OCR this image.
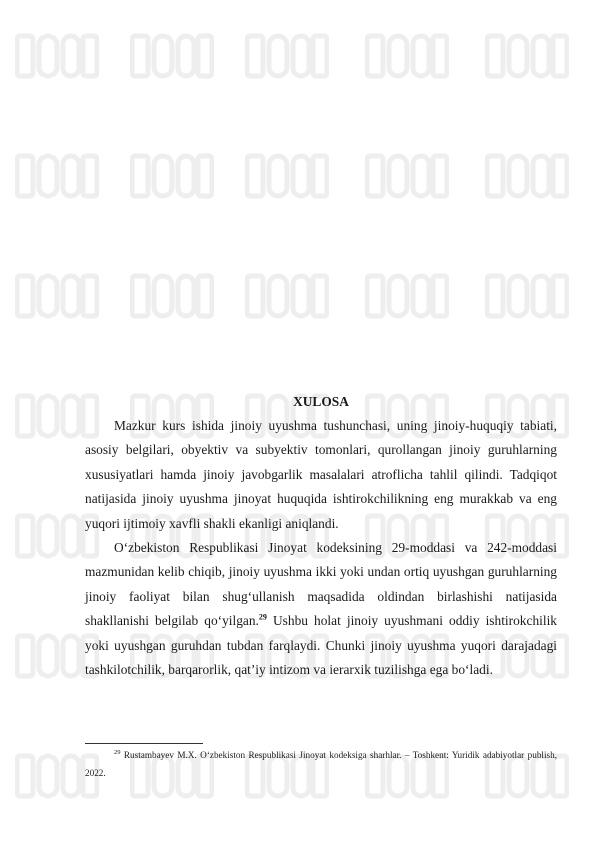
XULOSA

Mazkur kurs ishida jinoiy uyushma tushunchasi, uning jinoiy-huquqiy tabiati, asosiy belgilari, obyektiv va subyektiv tomonlari, qurollangan jinoiy guruhlarning xususiyatlari hamda jinoiy javobgarlik masalalari atroflicha tahlil qilindi. Tadqiqot natijasida jinoiy uyushma jinoyat huquqida ishtirokchilikning eng murakkab va eng yuqori ijtimoiy xavfli shakli ekanligi aniqlandi.

O‘zbekiston Respublikasi Jinoyat kodeksining 29-moddasi va 242-moddasi mazmunidan kelib chiqib, jinoiy uyushma ikki yoki undan ortiq uyushgan guruhlarning jinoiy faoliyat bilan shug‘ullanish maqsadida oldindan birlashishi natijasida shakllanishi belgilab qo‘yilgan.$^{29}$ Ushbu holat jinoiy uyushmani oddiy ishtirokchilik yoki uyushgan guruhdan tubdan farqlaydi. Chunki jinoiy uyushma yuqori darajadagi tashkilotchilik, barqarorlik, qat’iy intizom va ierarxik tuzilishga ega bo‘ladi.

$^{29}$ Rustambayev M.X. O‘zbekiston Respublikasi Jinoyat kodeksiga sharhlar. – Toshkent: Yuridik adabiyotlar publish, 2022.
